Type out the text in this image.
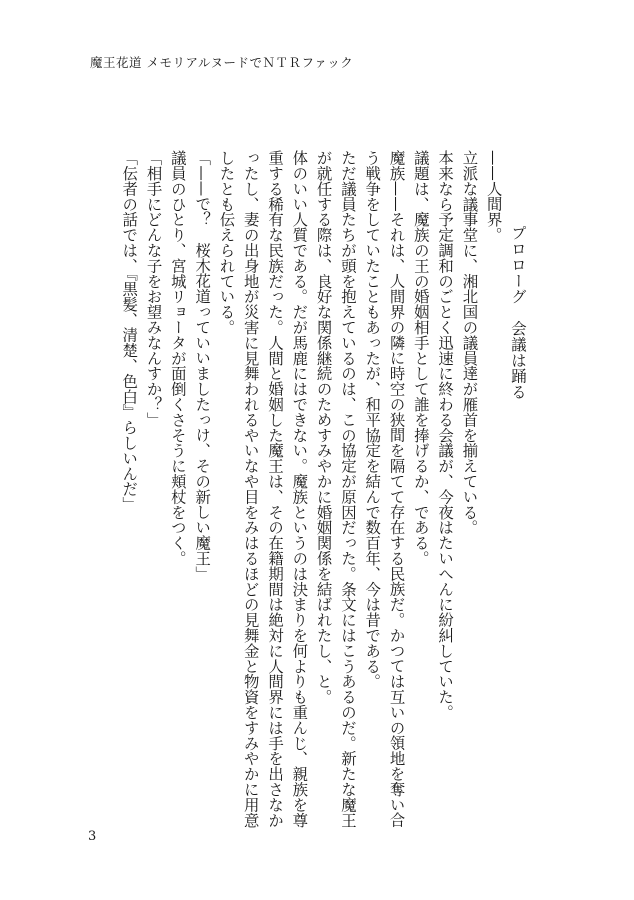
魔王花道 メモリアルヌードでＮＴＲファック

プロローグ　会議は踊る

——人間界。

立派な議事堂に、湘北国の議員達が雁首を揃えている。

本来なら予定調和のごとく迅速に終わる会議が、今夜はたいへんに紛糾していた。

議題は、魔族の王の婚姻相手として誰を捧げるか、である。

魔族——それは、人間界の隣に時空の狭間を隔てて存在する民族だ。かつては互いの領地を奪い合う戦争をしていたこともあったが、和平協定を結んで数百年、今は昔である。

ただ議員たちが頭を抱えているのは、この協定が原因だった。条文にはこうあるのだ。新たな魔王が就任する際は、良好な関係継続のためすみやかに婚姻関係を結ばれたし、と。

体のいい人質である。だが馬鹿にはできない。魔族というのは決まりを何よりも重んじ、親族を尊重する稀有な民族だった。人間と婚姻した魔王は、その在籍期間は絶対に人間界には手を出さなかったし、妻の出身地が災害に見舞われるやいなや目をみはるほどの見舞金と物資をすみやかに用意したとも伝えられている。

「——で？　桜木花道っていいましたっけ、その新しい魔王」

議員のひとり、宮城リョータが面倒くさそうに頬杖をつく。

「相手にどんな子をお望みなんすか？」

「伝者の話では、『黒髪、清楚、色白』らしいんだ」

3
